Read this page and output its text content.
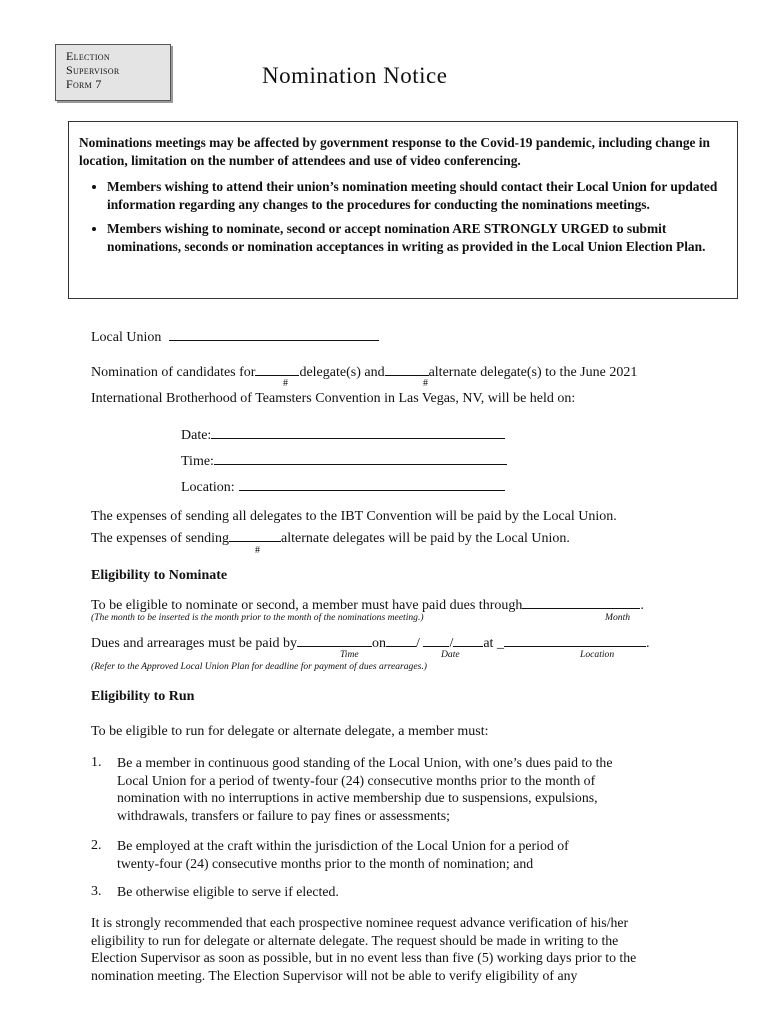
Election
Supervisor
Form 7	Nomination Notice

Nominations meetings may be affected by government response to the Covid-19 pandemic, including change in location, limitation on the number of attendees and use of video conferencing.

• Members wishing to attend their union’s nomination meeting should contact their Local Union for updated information regarding any changes to the procedures for conducting the nominations meetings.
• Members wishing to nominate, second or accept nomination ARE STRONGLY URGED to submit nominations, seconds or nomination acceptances in writing as provided in the Local Union Election Plan.
Local Union
Nomination of candidates for	delegate(s) and	alternate delegate(s) to the June 2021
#	#
International Brotherhood of Teamsters Convention in Las Vegas, NV, will be held on:
Date:
Time:
Location:
The expenses of sending all delegates to the IBT Convention will be paid by the Local Union.
The expenses of sending	alternate delegates will be paid by the Local Union.
#
Eligibility to Nominate
To be eligible to nominate or second, a member must have paid dues through	.
(The month to be inserted is the month prior to the month of the nominations meeting.)	Month
Dues and arrearages must be paid by	on / / at _	.
Time	Date	Location
(Refer to the Approved Local Union Plan for deadline for payment of dues arrearages.)
Eligibility to Run
To be eligible to run for delegate or alternate delegate, a member must:
1. Be a member in continuous good standing of the Local Union, with one’s dues paid to the
Local Union for a period of twenty-four (24) consecutive months prior to the month of
nomination with no interruptions in active membership due to suspensions, expulsions,
withdrawals, transfers or failure to pay fines or assessments;
2. Be employed at the craft within the jurisdiction of the Local Union for a period of
twenty-four (24) consecutive months prior to the month of nomination; and
3. Be otherwise eligible to serve if elected.
It is strongly recommended that each prospective nominee request advance verification of his/her
eligibility to run for delegate or alternate delegate. The request should be made in writing to the
Election Supervisor as soon as possible, but in no event less than five (5) working days prior to the
nomination meeting. The Election Supervisor will not be able to verify eligibility of any
